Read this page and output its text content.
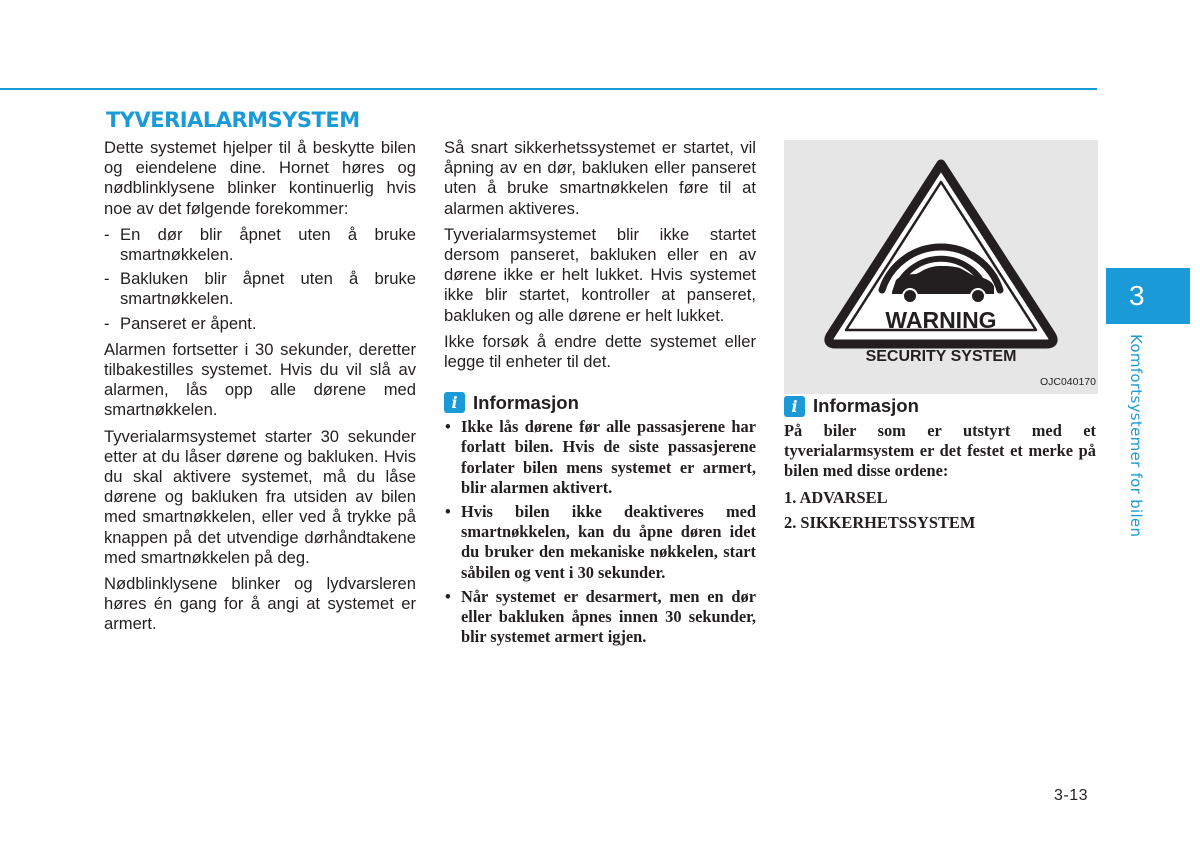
TYVERIALARMSYSTEM

Dette systemet hjelper til å beskytte bilen og eiendelene dine. Hornet høres og nødblinklysene blinker kontinuerlig hvis noe av det følgende forekommer:

- En dør blir åpnet uten å bruke smartnøkkelen.
- Bakluken blir åpnet uten å bruke smartnøkkelen.
- Panseret er åpent.

Alarmen fortsetter i 30 sekunder, deretter tilbakestilles systemet. Hvis du vil slå av alarmen, lås opp alle dørene med smartnøkkelen.

Tyverialarmsystemet starter 30 sekunder etter at du låser dørene og bakluken. Hvis du skal aktivere systemet, må du låse dørene og bakluken fra utsiden av bilen med smartnøkkelen, eller ved å trykke på knappen på det utvendige dørhåndtakene med smartnøkkelen på deg.

Nødblinklysene blinker og lydvarsleren høres én gang for å angi at systemet er armert.

Så snart sikkerhetssystemet er startet, vil åpning av en dør, bakluken eller panseret uten å bruke smartnøkkelen føre til at alarmen aktiveres.

Tyverialarmsystemet blir ikke startet dersom panseret, bakluken eller en av dørene ikke er helt lukket. Hvis systemet ikke blir startet, kontroller at panseret, bakluken og alle dørene er helt lukket.

Ikke forsøk å endre dette systemet eller legge til enheter til det.

i Informasjon
• Ikke lås dørene før alle passasjerene har forlatt bilen. Hvis de siste passasjerene forlater bilen mens systemet er armert, blir alarmen aktivert.
• Hvis bilen ikke deaktiveres med smartnøkkelen, kan du åpne døren idet du bruker den mekaniske nøkkelen, start såbilen og vent i 30 sekunder.
• Når systemet er desarmert, men en dør eller bakluken åpnes innen 30 sekunder, blir systemet armert igjen.
WARNING
SECURITY SYSTEM
OJC040170
i Informasjon

På biler som er utstyrt med et tyverialarmsystem er det festet et merke på bilen med disse ordene:

1. ADVARSEL
2. SIKKERHETSSYSTEM
3
Komfortsystemer for bilen
3-13
